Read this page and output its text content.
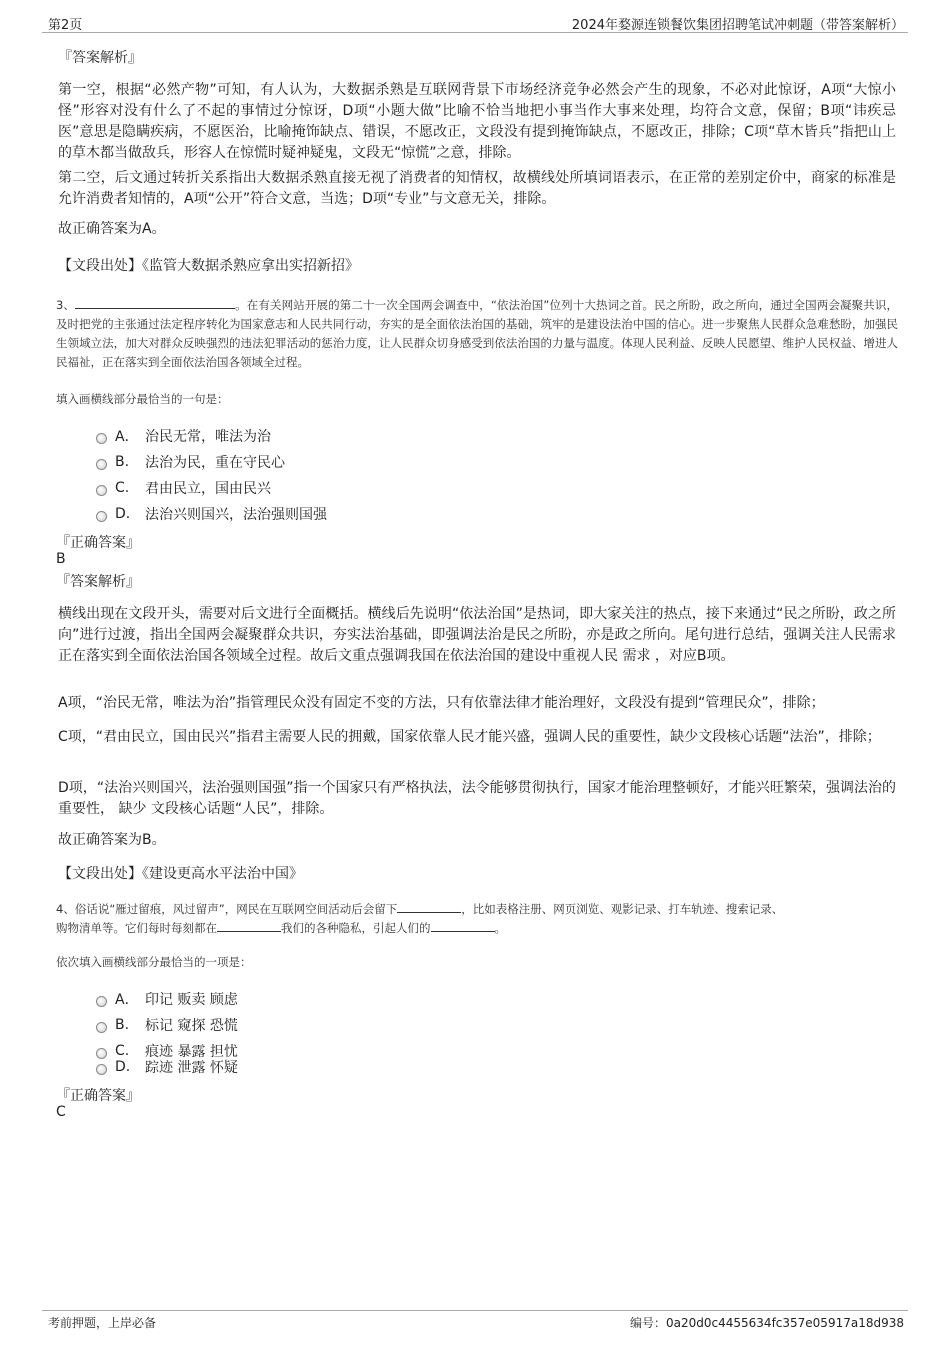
第2页	2024年婺源连锁餐饮集团招聘笔试冲刺题（带答案解析）
『答案解析』
第一空，根据“必然产物”可知，有人认为，大数据杀熟是互联网背景下市场经济竞争必然会产生的现象，不必对此惊讶，A项“大惊小怪”形容对没有什么了不起的事情过分惊讶，D项“小题大做”比喻不恰当地把小事当作大事来处理，均符合文意，保留；B项“讳疾忌医”意思是隐瞒疾病，不愿医治，比喻掩饰缺点、错误，不愿改正，文段没有提到掩饰缺点，不愿改正，排除；C项“草木皆兵”指把山上的草木都当做敌兵，形容人在惊慌时疑神疑鬼，文段无“惊慌”之意，排除。
第二空，后文通过转折关系指出大数据杀熟直接无视了消费者的知情权，故横线处所填词语表示，在正常的差别定价中，商家的标准是允许消费者知情的，A项“公开”符合文意，当选；D项“专业”与文意无关，排除。
故正确答案为A。
【文段出处】《监管大数据杀熟应拿出实招新招》
3、	。在有关网站开展的第二十一次全国两会调查中，“依法治国”位列十大热词之首。民之所盼，政之所向，通过全国两会凝聚共识，及时把党的主张通过法定程序转化为国家意志和人民共同行动，夯实的是全面依法治国的基础，筑牢的是建设法治中国的信心。进一步聚焦人民群众急难愁盼，加强民生领域立法，加大对群众反映强烈的违法犯罪活动的惩治力度，让人民群众切身感受到依法治国的力量与温度。体现人民利益、反映人民愿望、维护人民权益、增进人民福祉，正在落实到全面依法治国各领域全过程。
填入画横线部分最恰当的一句是：
A． 治民无常，唯法为治
B.	法治为民，重在守民心
C.	君由民立，国由民兴
D.	法治兴则国兴，法治强则国强
『正确答案』
B
『答案解析』
横线出现在文段开头，需要对后文进行全面概括。横线后先说明“依法治国”是热词，即大家关注的热点，接下来通过“民之所盼，政之所向”进行过渡，指出全国两会凝聚群众共识，夯实法治基础，即强调法治是民之所盼，亦是政之所向。尾句进行总结，强调关注人民需求正在落实到全面依法治国各领域全过程。故后文重点强调我国在依法治国的建设中重视人民 需求 ，对应B项。
A项，“治民无常，唯法为治”指管理民众没有固定不变的方法，只有依靠法律才能治理好，文段没有提到“管理民众”，排除；
C项，“君由民立，国由民兴”指君主需要人民的拥戴，国家依靠人民才能兴盛，强调人民的重要性，缺少文段核心话题“法治”，排除；
D项，“法治兴则国兴，法治强则国强”指一个国家只有严格执法，法令能够贯彻执行，国家才能治理整顿好，才能兴旺繁荣，强调法治的重要性， 缺少 文段核心话题“人民”，排除。
故正确答案为B。
【文段出处】《建设更高水平法治中国》
4、俗话说“雁过留痕，风过留声”，网民在互联网空间活动后会留下	，比如表格注册、网页浏览、观影记录、打车轨迹、搜索记录、
购物清单等。它们每时每刻都在	我们的各种隐私，引起人们的	。
依次填入画横线部分最恰当的一项是：
A． 印记 贩卖 顾虑
B.	标记 窥探 恐慌
C.	痕迹 暴露 担忧
D.	踪迹 泄露 怀疑
『正确答案』
C
考前押题，上岸必备	编号：0a20d0c4455634fc357e05917a18d938
